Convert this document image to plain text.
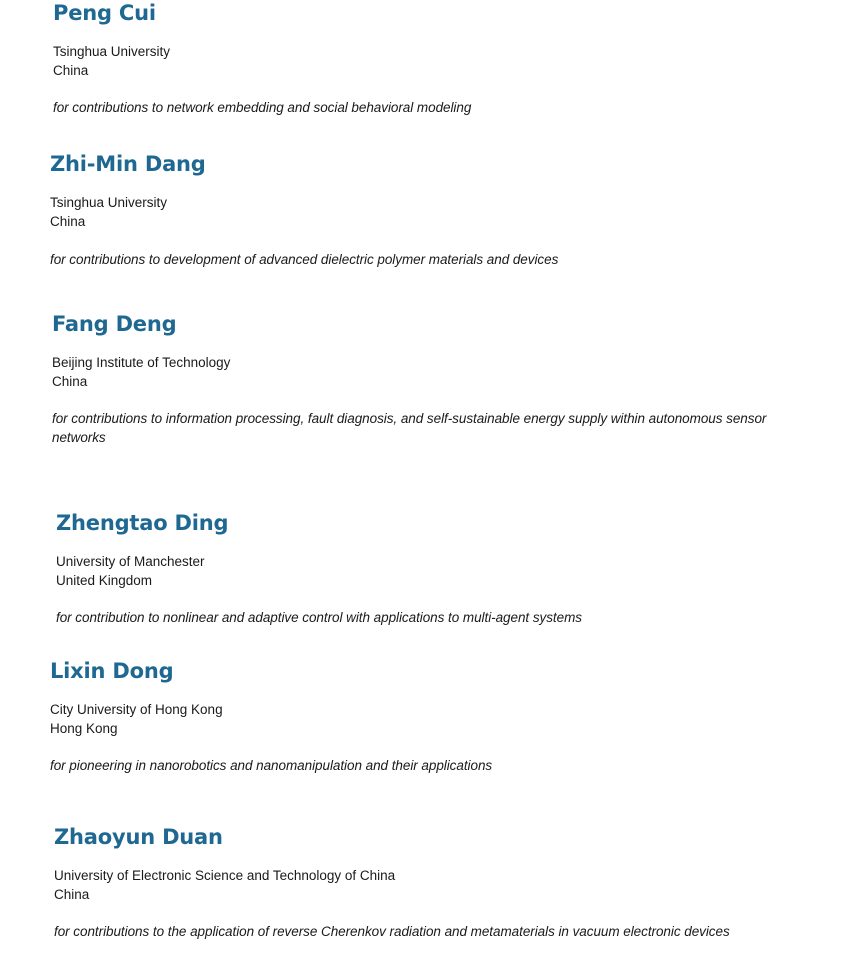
Peng Cui
Tsinghua University
China
for contributions to network embedding and social behavioral modeling
Zhi-Min Dang
Tsinghua University
China
for contributions to development of advanced dielectric polymer materials and devices
Fang Deng
Beijing Institute of Technology
China
for contributions to information processing, fault diagnosis, and self-sustainable energy supply within autonomous sensor networks
Zhengtao Ding
University of Manchester
United Kingdom
for contribution to nonlinear and adaptive control with applications to multi-agent systems
Lixin Dong
City University of Hong Kong
Hong Kong
for pioneering in nanorobotics and nanomanipulation and their applications
Zhaoyun Duan
University of Electronic Science and Technology of China
China
for contributions to the application of reverse Cherenkov radiation and metamaterials in vacuum electronic devices
